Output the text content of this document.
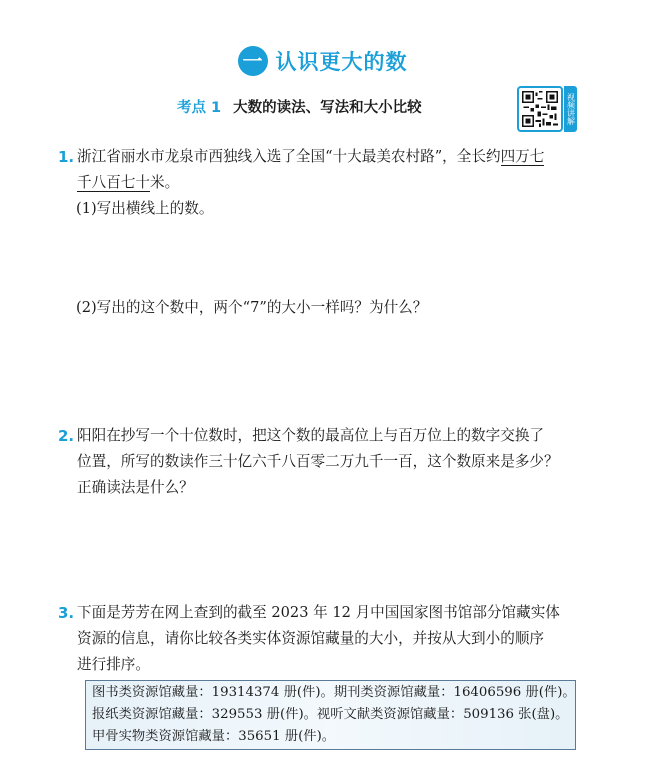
一 认识更大的数
考点 1 大数的读法、写法和大小比较	视频讲解
1. 浙江省丽水市龙泉市西独线入选了全国“十大最美农村路”，全长约四万七
千八百七十米。
(1)写出横线上的数。
(2)写出的这个数中，两个“7”的大小一样吗？为什么？
2. 阳阳在抄写一个十位数时，把这个数的最高位上与百万位上的数字交换了
位置，所写的数读作三十亿六千八百零二万九千一百，这个数原来是多少？
正确读法是什么？
3. 下面是芳芳在网上查到的截至 2023 年 12 月中国国家图书馆部分馆藏实体
资源的信息，请你比较各类实体资源馆藏量的大小，并按从大到小的顺序
进行排序。
图书类资源馆藏量：19314374 册(件)。期刊类资源馆藏量：16406596 册(件)。
报纸类资源馆藏量：329553 册(件)。视听文献类资源馆藏量：509136 张(盘)。
甲骨实物类资源馆藏量：35651 册(件)。
